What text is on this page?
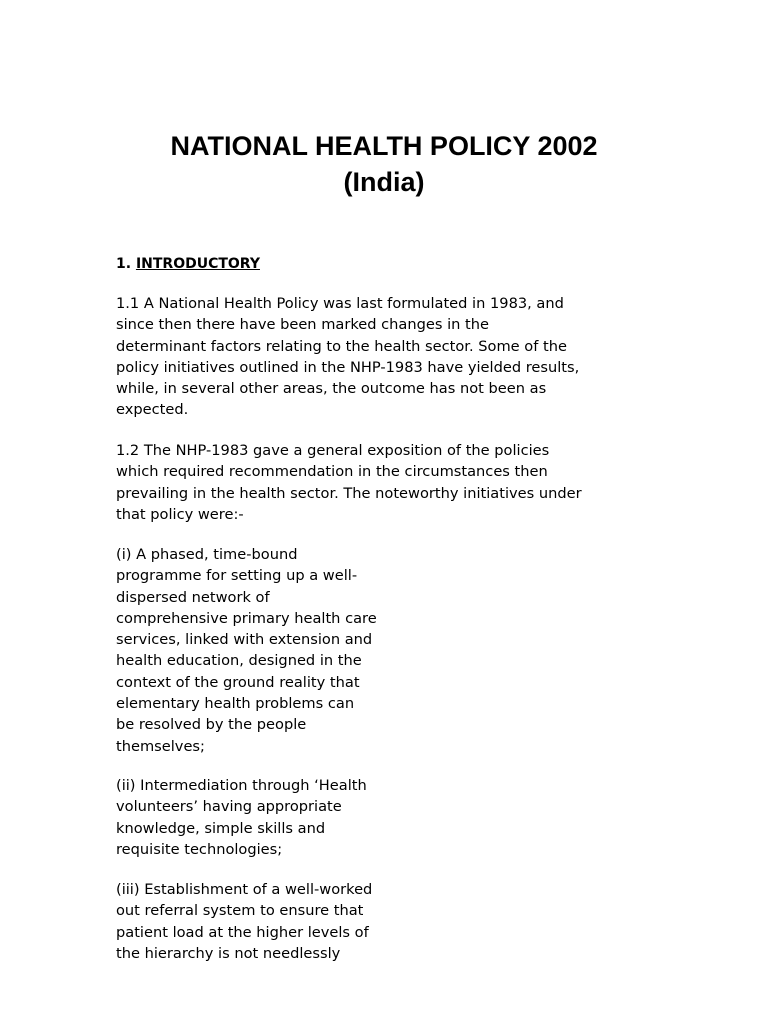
NATIONAL HEALTH POLICY 2002
(India)

1. INTRODUCTORY

1.1 A National Health Policy was last formulated in 1983, and
since then there have been marked changes in the
determinant factors relating to the health sector. Some of the
policy initiatives outlined in the NHP-1983 have yielded results,
while, in several other areas, the outcome has not been as
expected.

1.2 The NHP-1983 gave a general exposition of the policies
which required recommendation in the circumstances then
prevailing in the health sector. The noteworthy initiatives under
that policy were:-

(i) A phased, time-bound
programme for setting up a well-
dispersed network of
comprehensive primary health care
services, linked with extension and
health education, designed in the
context of the ground reality that
elementary health problems can
be resolved by the people
themselves;

(ii) Intermediation through ‘Health
volunteers’ having appropriate
knowledge, simple skills and
requisite technologies;

(iii) Establishment of a well-worked
out referral system to ensure that
patient load at the higher levels of
the hierarchy is not needlessly
